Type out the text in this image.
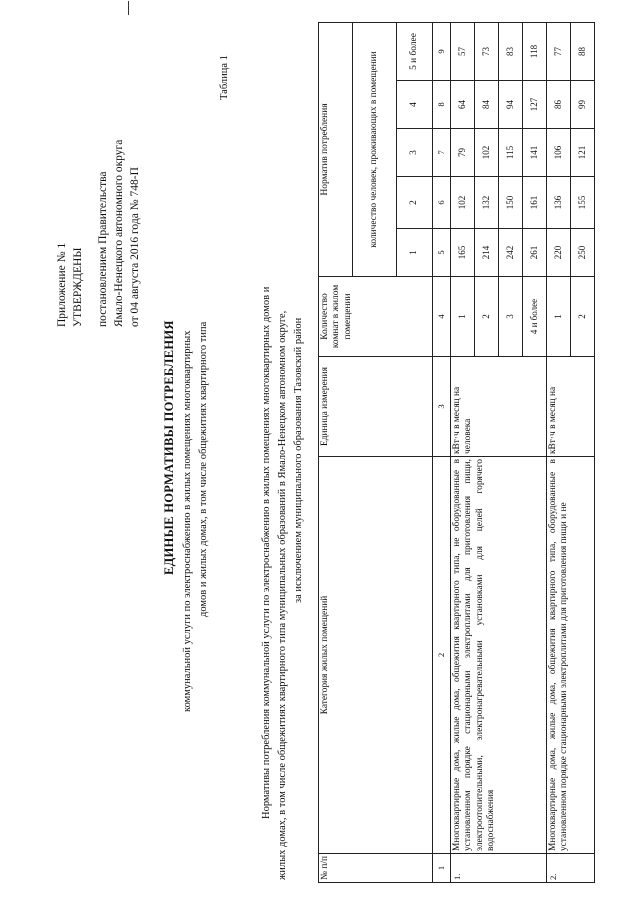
Приложение № 1 УТВЕРЖДЕНЫ постановлением Правительства Ямало-Ненецкого автономного округа от 04 августа 2016 года № 748-П
ЕДИНЫЕ НОРМАТИВЫ ПОТРЕБЛЕНИЯ коммунальной услуги по электроснабжению в жилых помещениях многоквартирных домов и жилых домах, в том числе общежитиях квартирного типа
Таблица 1
Нормативы потребления коммунальной услуги по электроснабжению в жилых помещениях многоквартирных домов и жилых домах, в том числе общежитиях квартирного типа муниципальных образований в Ямало-Ненецком автономном округе, за исключением муниципального образования Тазовский район
№ п/п	Категория жилых помещений	Единица измерения	Количество комнат в жилом помещении	Норматив потребления				
				количество человек, проживающих в помещении				
				1	2	3	4	5 и более
1	2	3	4	5	6	7	8	9
1.	Многоквартирные дома, жилые дома, общежития квартирного типа, не оборудованные в установленном порядке стационарными электроплитами для приготовления пищи, электроотопительными, электронагревательными установками для целей горячего водоснабжения	кВт·ч в месяц на человека	1	165	102	79	64	57
			2	214	132	102	84	73
			3	242	150	115	94	83
			4 и более	261	161	141	127	118
2.	Многоквартирные дома, жилые дома, общежития квартирного типа, оборудованные в установленном порядке стационарными электроплитами для приготовления пищи и не	кВт·ч в месяц на	1	220	136	106	86	77
			2	250	155	121	99	88
